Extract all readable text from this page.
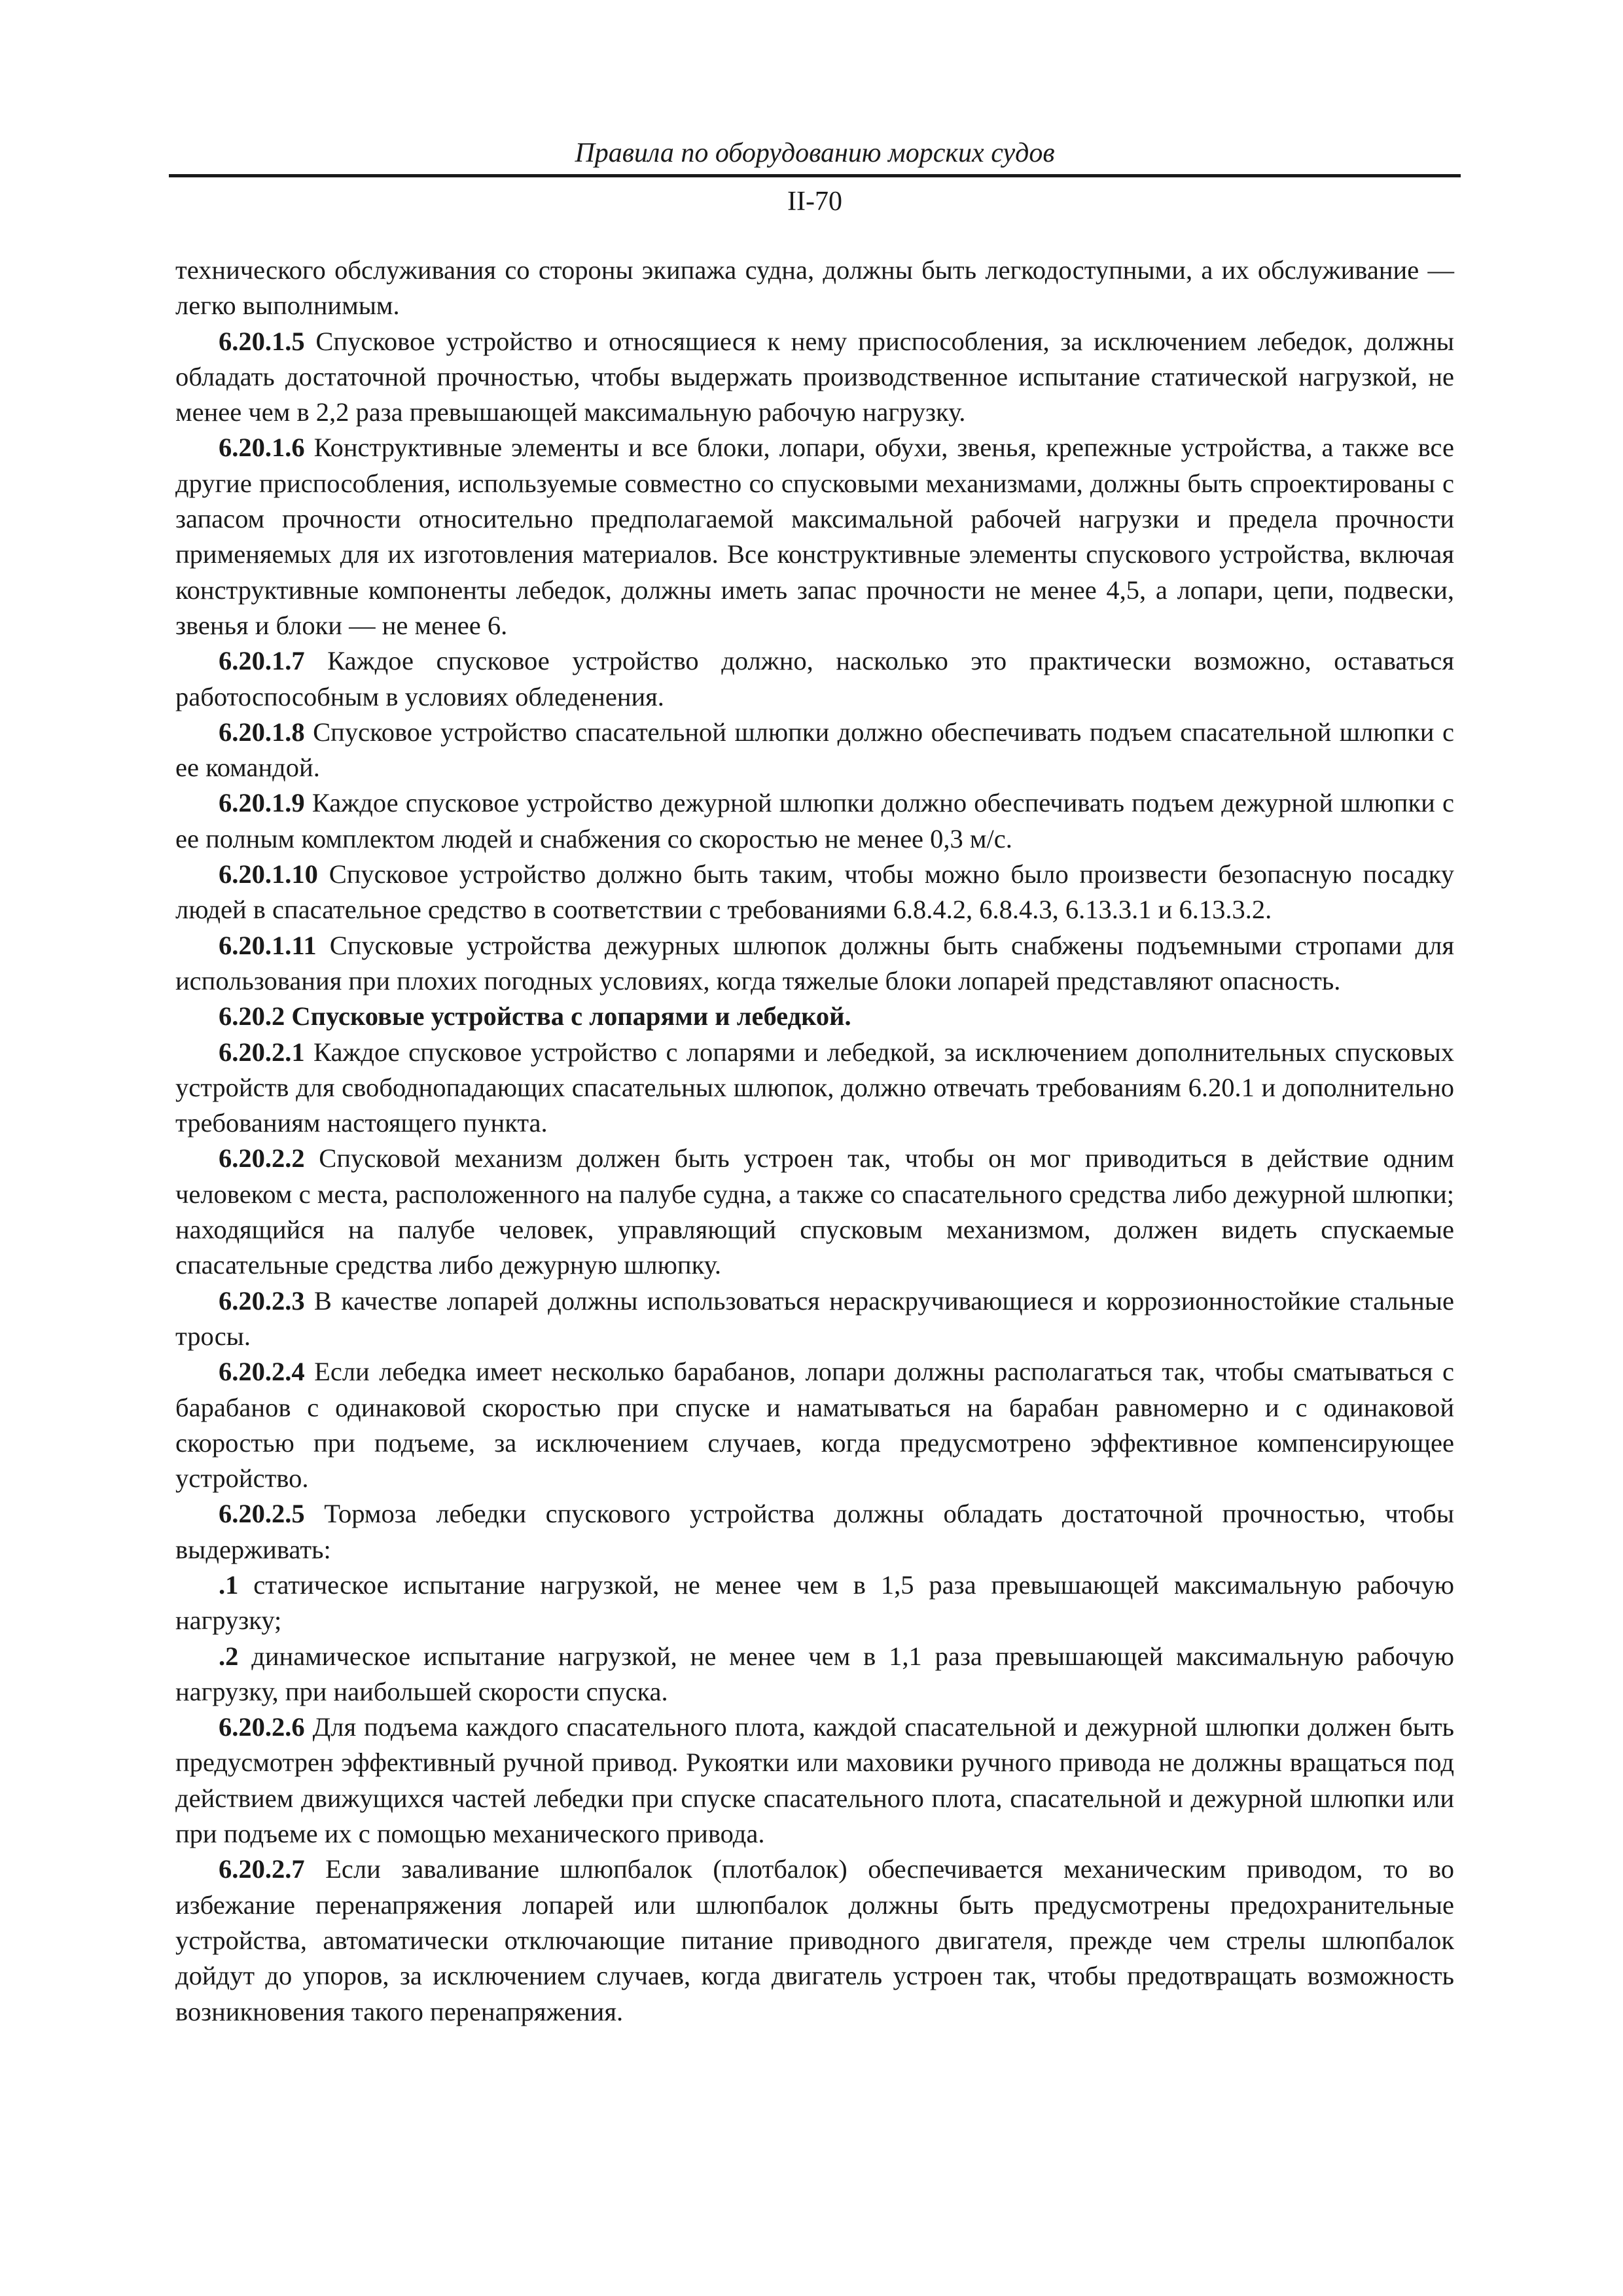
Правила по оборудованию морских судов
II-70

технического обслуживания со стороны экипажа судна, должны быть легкодоступными, а их обслуживание — легко выполнимым.

6.20.1.5 Спусковое устройство и относящиеся к нему приспособления, за исключением лебедок, должны обладать достаточной прочностью, чтобы выдержать производственное испытание статической нагрузкой, не менее чем в 2,2 раза превышающей максимальную рабочую нагрузку.

6.20.1.6 Конструктивные элементы и все блоки, лопари, обухи, звенья, крепежные устройства, а также все другие приспособления, используемые совместно со спусковыми механизмами, должны быть спроектированы с запасом прочности относительно предполагаемой максимальной рабочей нагрузки и предела прочности применяемых для их изготовления материалов. Все конструктивные элементы спускового устройства, включая конструктивные компоненты лебедок, должны иметь запас прочности не менее 4,5, а лопари, цепи, подвески, звенья и блоки — не менее 6.

6.20.1.7 Каждое спусковое устройство должно, насколько это практически возможно, оставаться работоспособным в условиях обледенения.

6.20.1.8 Спусковое устройство спасательной шлюпки должно обеспечивать подъем спасательной шлюпки с ее командой.

6.20.1.9 Каждое спусковое устройство дежурной шлюпки должно обеспечивать подъем дежурной шлюпки с ее полным комплектом людей и снабжения со скоростью не менее 0,3 м/с.

6.20.1.10 Спусковое устройство должно быть таким, чтобы можно было произвести безопасную посадку людей в спасательное средство в соответствии с требованиями 6.8.4.2, 6.8.4.3, 6.13.3.1 и 6.13.3.2.

6.20.1.11 Спусковые устройства дежурных шлюпок должны быть снабжены подъемными стропами для использования при плохих погодных условиях, когда тяжелые блоки лопарей представляют опасность.

6.20.2 Спусковые устройства с лопарями и лебедкой.

6.20.2.1 Каждое спусковое устройство с лопарями и лебедкой, за исключением дополнительных спусковых устройств для свободнопадающих спасательных шлюпок, должно отвечать требованиям 6.20.1 и дополнительно требованиям настоящего пункта.

6.20.2.2 Спусковой механизм должен быть устроен так, чтобы он мог приводиться в действие одним человеком с места, расположенного на палубе судна, а также со спасательного средства либо дежурной шлюпки; находящийся на палубе человек, управляющий спусковым механизмом, должен видеть спускаемые спасательные средства либо дежурную шлюпку.

6.20.2.3 В качестве лопарей должны использоваться нераскручивающиеся и коррозионностойкие стальные тросы.

6.20.2.4 Если лебедка имеет несколько барабанов, лопари должны располагаться так, чтобы сматываться с барабанов с одинаковой скоростью при спуске и наматываться на барабан равномерно и с одинаковой скоростью при подъеме, за исключением случаев, когда предусмотрено эффективное компенсирующее устройство.

6.20.2.5 Тормоза лебедки спускового устройства должны обладать достаточной прочностью, чтобы выдерживать:

.1 статическое испытание нагрузкой, не менее чем в 1,5 раза превышающей максимальную рабочую нагрузку;

.2 динамическое испытание нагрузкой, не менее чем в 1,1 раза превышающей максимальную рабочую нагрузку, при наибольшей скорости спуска.

6.20.2.6 Для подъема каждого спасательного плота, каждой спасательной и дежурной шлюпки должен быть предусмотрен эффективный ручной привод. Рукоятки или маховики ручного привода не должны вращаться под действием движущихся частей лебедки при спуске спасательного плота, спасательной и дежурной шлюпки или при подъеме их с помощью механического привода.

6.20.2.7 Если заваливание шлюпбалок (плотбалок) обеспечивается механическим приводом, то во избежание перенапряжения лопарей или шлюпбалок должны быть предусмотрены предохранительные устройства, автоматически отключающие питание приводного двигателя, прежде чем стрелы шлюпбалок дойдут до упоров, за исключением случаев, когда двигатель устроен так, чтобы предотвращать возможность возникновения такого перенапряжения.
